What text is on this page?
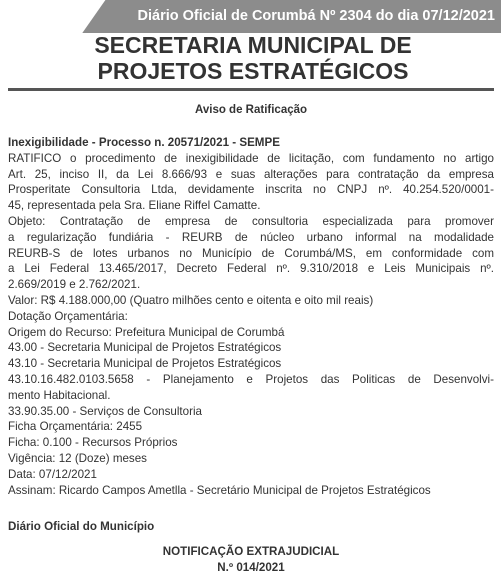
Diário Oficial de Corumbá Nº 2304 do dia 07/12/2021
SECRETARIA MUNICIPAL DE
PROJETOS ESTRATÉGICOS
Aviso de Ratificação
Inexigibilidade - Processo n. 20571/2021 - SEMPE
RATIFICO o procedimento de inexigibilidade de licitação, com fundamento no artigo
Art. 25, inciso II, da Lei 8.666/93 e suas alterações para contratação da empresa
Prosperitate Consultoria Ltda, devidamente inscrita no CNPJ nº. 40.254.520/0001-
45, representada pela Sra. Eliane Riffel Camatte.
Objeto: Contratação de empresa de consultoria especializada para promover
a regularização fundiária - REURB de núcleo urbano informal na modalidade
REURB-S de lotes urbanos no Município de Corumbá/MS, em conformidade com
a Lei Federal 13.465/2017, Decreto Federal nº. 9.310/2018 e Leis Municipais nº.
2.669/2019 e 2.762/2021.
Valor: R$ 4.188.000,00 (Quatro milhões cento e oitenta e oito mil reais)
Dotação Orçamentária:
Origem do Recurso: Prefeitura Municipal de Corumbá
43.00 - Secretaria Municipal de Projetos Estratégicos
43.10 - Secretaria Municipal de Projetos Estratégicos
43.10.16.482.0103.5658 - Planejamento e Projetos das Politicas de Desenvolvi-
mento Habitacional.
33.90.35.00 - Serviços de Consultoria
Ficha Orçamentária: 2455
Ficha: 0.100 - Recursos Próprios
Vigência: 12 (Doze) meses
Data: 07/12/2021
Assinam: Ricardo Campos Ametlla - Secretário Municipal de Projetos Estratégicos
Diário Oficial do Município
NOTIFICAÇÃO EXTRAJUDICIAL
N.º 014/2021
